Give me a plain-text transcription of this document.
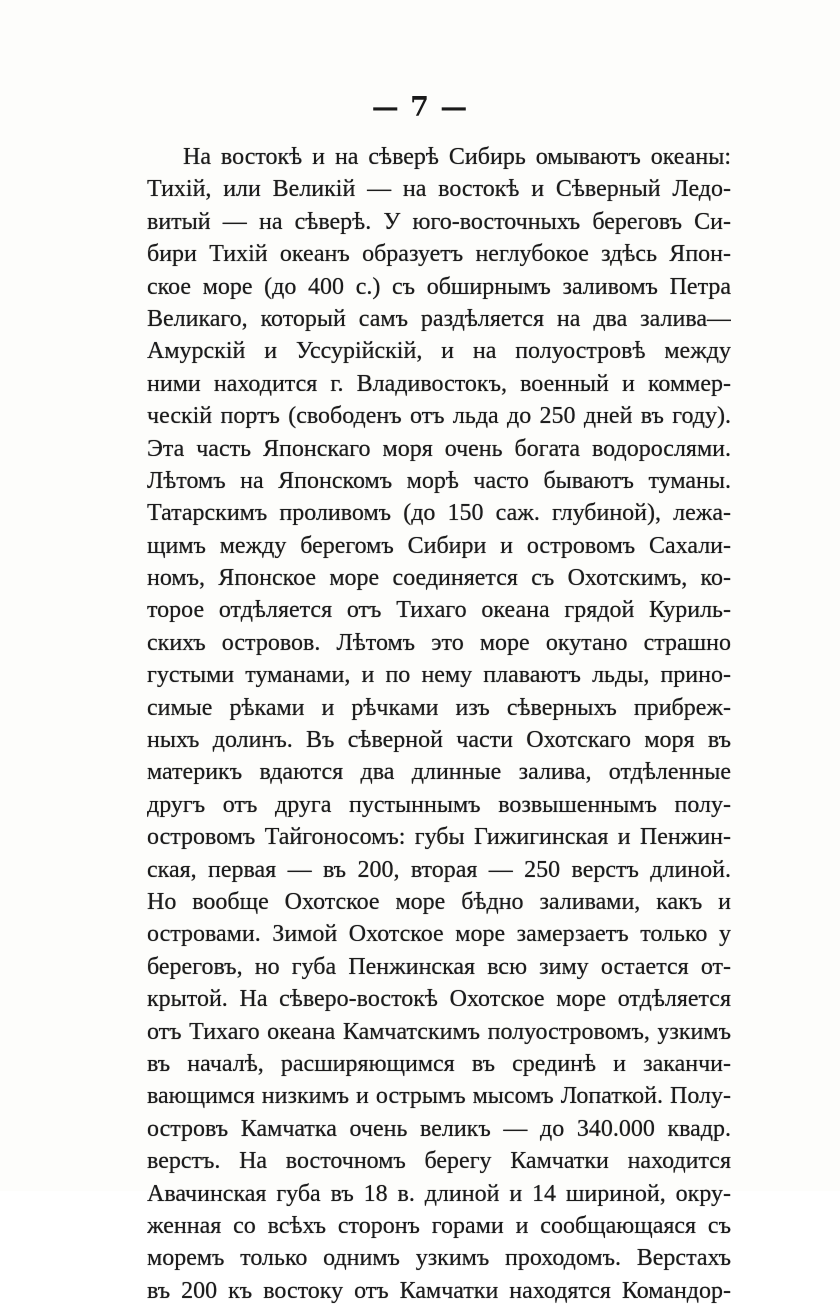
— 7 —
На востокѣ и на сѣверѣ Сибирь омываютъ океаны:
Тихій, или Великій — на востокѣ и Сѣверный Ледо-
витый — на сѣверѣ. У юго-восточныхъ береговъ Си-
бири Тихій океанъ образуетъ неглубокое здѣсь Япон-
ское море (до 400 с.) съ обширнымъ заливомъ Петра
Великаго, который самъ раздѣляется на два залива—
Амурскій и Уссурійскій, и на полуостровѣ между
ними находится г. Владивостокъ, военный и коммер-
ческій портъ (свободенъ отъ льда до 250 дней въ году).
Эта часть Японскаго моря очень богата водорослями.
Лѣтомъ на Японскомъ морѣ часто бываютъ туманы.
Татарскимъ проливомъ (до 150 саж. глубиной), лежа-
щимъ между берегомъ Сибири и островомъ Сахали-
номъ, Японское море соединяется съ Охотскимъ, ко-
торое отдѣляется отъ Тихаго океана грядой Куриль-
скихъ островов. Лѣтомъ это море окутано страшно
густыми туманами, и по нему плаваютъ льды, прино-
симые рѣками и рѣчками изъ сѣверныхъ прибреж-
ныхъ долинъ. Въ сѣверной части Охотскаго моря въ
материкъ вдаются два длинные залива, отдѣленные
другъ отъ друга пустыннымъ возвышеннымъ полу-
островомъ Тайгоносомъ: губы Гижигинская и Пенжин-
ская, первая — въ 200, вторая — 250 верстъ длиной.
Но вообще Охотское море бѣдно заливами, какъ и
островами. Зимой Охотское море замерзаетъ только у
береговъ, но губа Пенжинская всю зиму остается от-
крытой. На сѣверо-востокѣ Охотское море отдѣляется
отъ Тихаго океана Камчатскимъ полуостровомъ, узкимъ
въ началѣ, расширяющимся въ срединѣ и заканчи-
вающимся низкимъ и острымъ мысомъ Лопаткой. Полу-
островъ Камчатка очень великъ — до 340.000 квадр.
верстъ. На восточномъ берегу Камчатки находится
Авачинская губа въ 18 в. длиной и 14 шириной, окру-
женная со всѣхъ сторонъ горами и сообщающаяся съ
моремъ только однимъ узкимъ проходомъ. Верстахъ
въ 200 къ востоку отъ Камчатки находятся Командор-
